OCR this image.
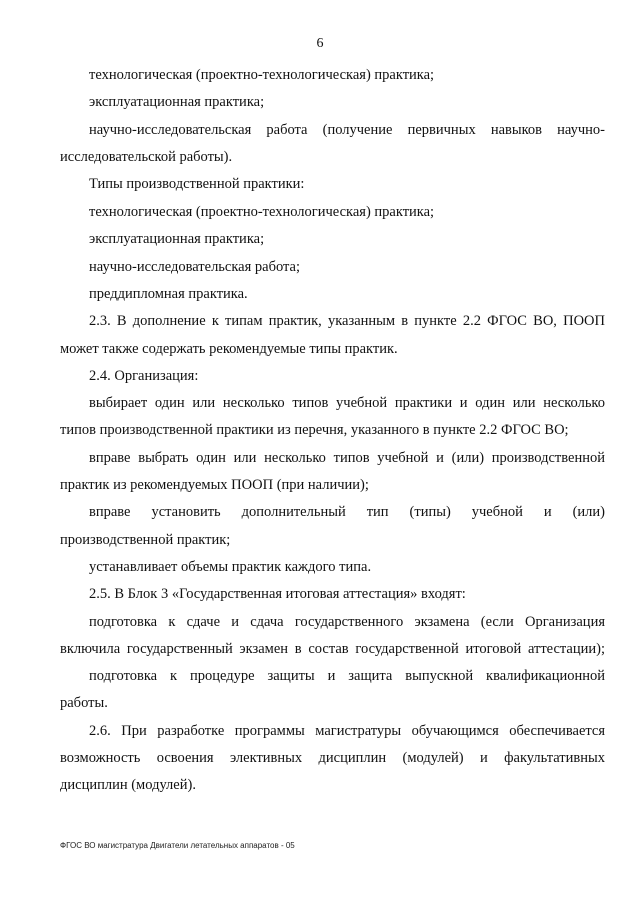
6
технологическая (проектно-технологическая) практика;
эксплуатационная практика;
научно-исследовательская работа (получение первичных навыков научно-
исследовательской работы).
Типы производственной практики:
технологическая (проектно-технологическая) практика;
эксплуатационная практика;
научно-исследовательская работа;
преддипломная практика.
2.3. В дополнение к типам практик, указанным в пункте 2.2 ФГОС ВО, ПООП
может также содержать рекомендуемые типы практик.
2.4. Организация:
выбирает один или несколько типов учебной практики и один или несколько
типов производственной практики из перечня, указанного в пункте 2.2 ФГОС ВО;
вправе выбрать один или несколько типов учебной и (или) производственной
практик из рекомендуемых ПООП (при наличии);
вправе установить дополнительный тип (типы) учебной и (или)
производственной практик;
устанавливает объемы практик каждого типа.
2.5. В Блок 3 «Государственная итоговая аттестация» входят:
подготовка к сдаче и сдача государственного экзамена (если Организация
включила государственный экзамен в состав государственной итоговой аттестации);
подготовка к процедуре защиты и защита выпускной квалификационной
работы.
2.6. При разработке программы магистратуры обучающимся обеспечивается
возможность освоения элективных дисциплин (модулей) и факультативных
дисциплин (модулей).
ФГОС ВО магистратура Двигатели летательных аппаратов - 05
